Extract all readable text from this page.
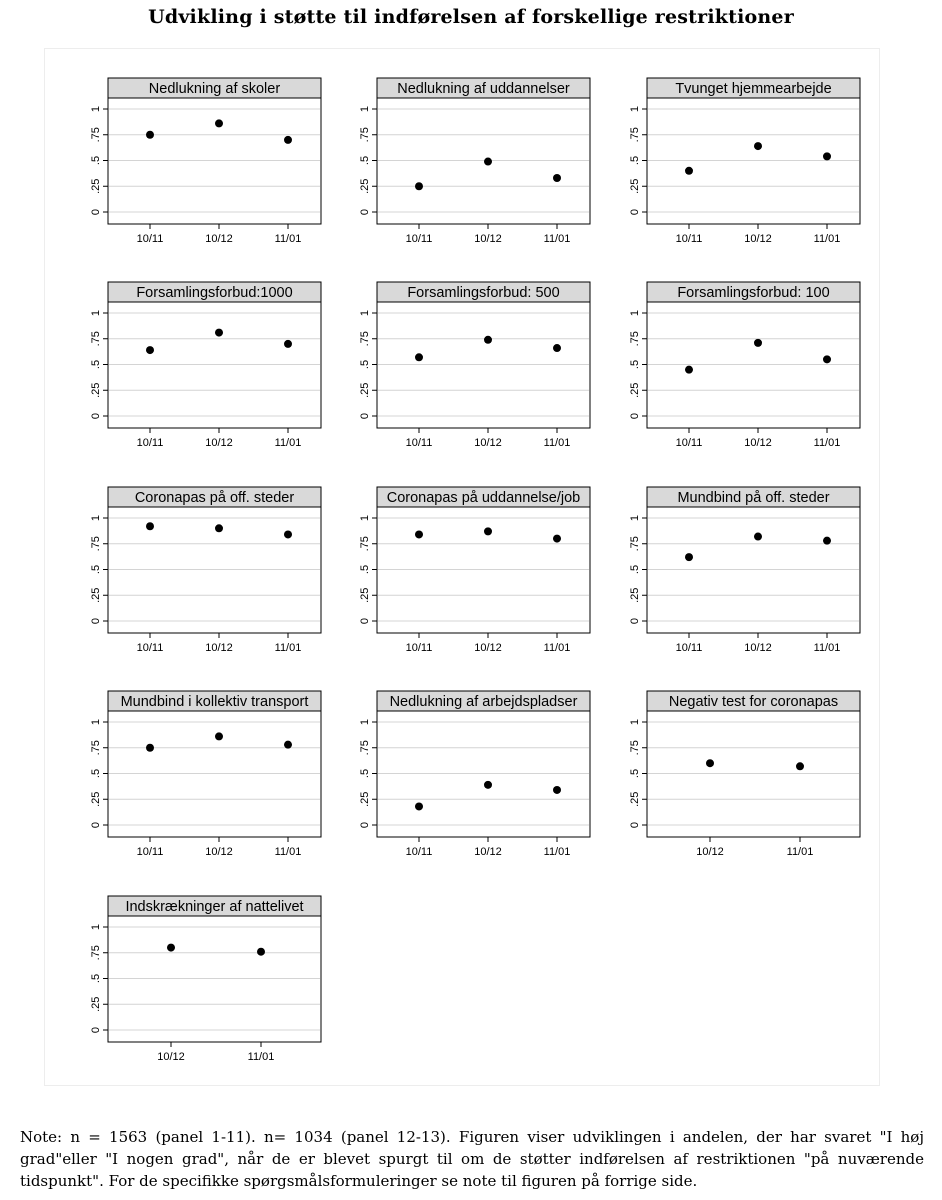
Udvikling i støtte til indførelsen af forskellige restriktioner
Nedlukning af skoler
0
.25
.5
.75
1
10/11	10/12	11/01
Nedlukning af uddannelser
0
.25
.5
.75
1
10/11	10/12	11/01
Tvunget hjemmearbejde
0
.25
.5
.75
1
10/11	10/12	11/01
Forsamlingsforbud:1000
0
.25
.5
.75
1
10/11	10/12	11/01
Forsamlingsforbud: 500
0
.25
.5
.75
1
10/11	10/12	11/01
Forsamlingsforbud: 100
0
.25
.5
.75
1
10/11	10/12	11/01
Coronapas på off. steder
0
.25
.5
.75
1
10/11	10/12	11/01
Coronapas på uddannelse/job
0
.25
.5
.75
1
10/11	10/12	11/01
Mundbind på off. steder
0
.25
.5
.75
1
10/11	10/12	11/01
Mundbind i kollektiv transport
0
.25
.5
.75
1
10/11	10/12	11/01
Nedlukning af arbejdspladser
0
.25
.5
.75
1
10/11	10/12	11/01
Negativ test for coronapas
0
.25
.5
.75
1
10/12	11/01
Indskrækninger af nattelivet
0
.25
.5
.75
1
10/12	11/01
Note: n = 1563 (panel 1-11). n= 1034 (panel 12-13). Figuren viser udviklingen i andelen, der har svaret "I høj grad"eller "I nogen grad", når de er blevet spurgt til om de støtter indførelsen af restriktionen "på nuværende tidspunkt". For de specifikke spørgsmålsformuleringer se note til figuren på forrige side.
